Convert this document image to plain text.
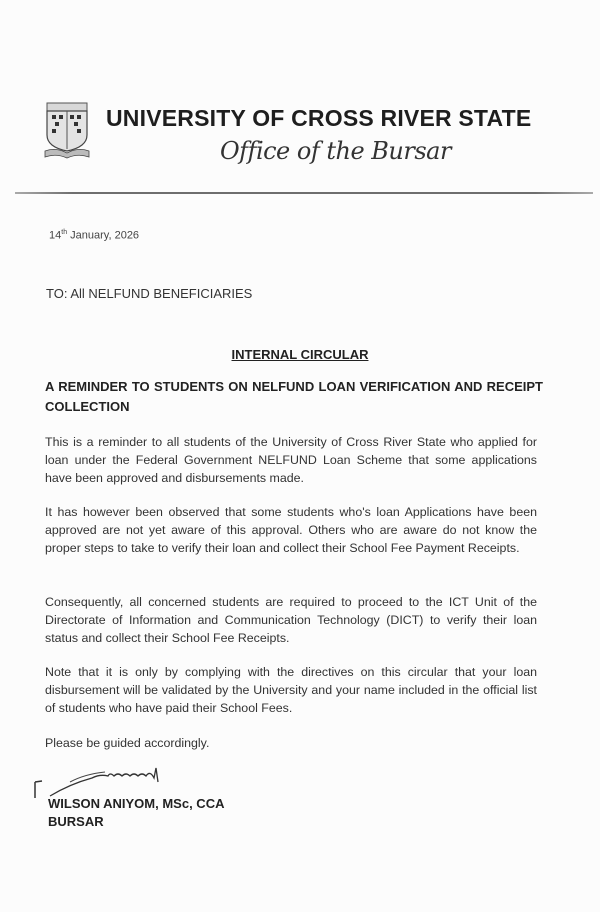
UNIVERSITY OF CROSS RIVER STATE
Office of the Bursar
14th January, 2026
TO: All NELFUND BENEFICIARIES
INTERNAL CIRCULAR
A REMINDER TO STUDENTS ON NELFUND LOAN VERIFICATION AND RECEIPT COLLECTION
This is a reminder to all students of the University of Cross River State who applied for loan under the Federal Government NELFUND Loan Scheme that some applications have been approved and disbursements made.
It has however been observed that some students who's loan Applications have been approved are not yet aware of this approval. Others who are aware do not know the proper steps to take to verify their loan and collect their School Fee Payment Receipts.
Consequently, all concerned students are required to proceed to the ICT Unit of the Directorate of Information and Communication Technology (DICT) to verify their loan status and collect their School Fee Receipts.
Note that it is only by complying with the directives on this circular that your loan disbursement will be validated by the University and your name included in the official list of students who have paid their School Fees.
Please be guided accordingly.
WILSON ANIYOM, MSc, CCA
BURSAR
